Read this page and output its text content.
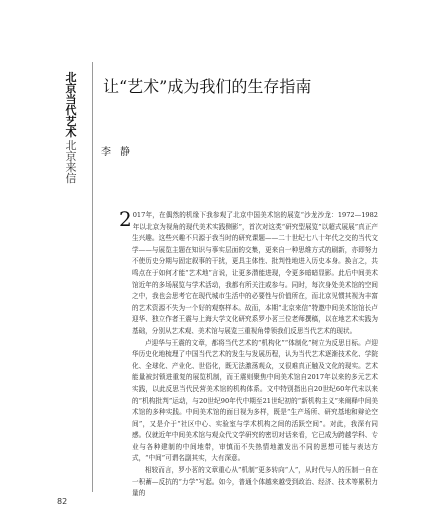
北
京
当
代
艺
术
北
京
来
信
让“艺术”成为我们的生存指南
李 静

2 017年，在偶然的机缘下我参观了北京中国美术馆的展览“沙龙沙龙：1972—1982年以北京为视角的现代美术实践侧影”，首次对这类“研究型展览”以超式展展”真正产生兴趣。这些兴趣不只源于我当时的研究课题——二十世纪七八十年代之交的当代文学——与展览主题在知识与事实层面的交集，更来自一种思维方式的刷新，亦即努力不使历史分期与固定叙事的干扰，更具主体性、批判性地进入历史本身。换言之，共鸣点在于如何才能“艺术地”言说，让更多潜能进现，令更多暗暗显影。此后中间美术馆近年的多场展览与学术活动，我都有所关注或参与。同时，每次身处美术馆的空间之中，我也会思考它在现代城市生活中的必要性与价值所在，而北京见惯其视为丰富的艺术资源不失为一个好的观察样本。故而，本期“北京来信”特邀中间美术馆馆长卢迎华、独立作者王震与上海大学文化研究系罗小茗三位老师撰稿，以在地艺术实践为基础，分别从艺术观、美术馆与展览三重视角带领我们反思当代艺术的现状。

卢迎华与王震的文章，都将当代艺术的“机构化”“体制化”树立为反思目标。卢迎华历史化地梳理了中国当代艺术的发生与发展历程，认为当代艺术逐渐技术化、学院化、全球化、产业化、世俗化，既无法激荡观众，又很难真正触及文化的现实。艺术能量被封锁进重复的展览机制，而王震则聚焦中间美术馆自2017年以来的多元艺术实践，以此反思当代民营美术馆的机构体系。文中特别指出自20世纪60年代末以来的“机构批判”运动，与20世纪90年代中期至21世纪初的“新机构主义”来阐释中间美术馆的多种实践。中间美术馆的面目视为多样，既是“生产场所、研究基地和辩论空间”，又是介于“社区中心、实验室与学术机构之间的活跃空间”。对此，我深有同感。仅就近年中间美术馆与观众代文学研究的密切对话来看，它已成为跨越学科、专业与各种建制的中间地带，审慎而不失热情地激发出不同的思想可能与表达方式，“中间”可谓名副其实，大有深意。

相较而言，罗小茗的文章重心从“机制”更多转向“人”，从时代与人的压制一自在一积蓄—反抗的“力学”写起。如今，普通个体越来越受到政治、经济、技术等累积力量的

82
